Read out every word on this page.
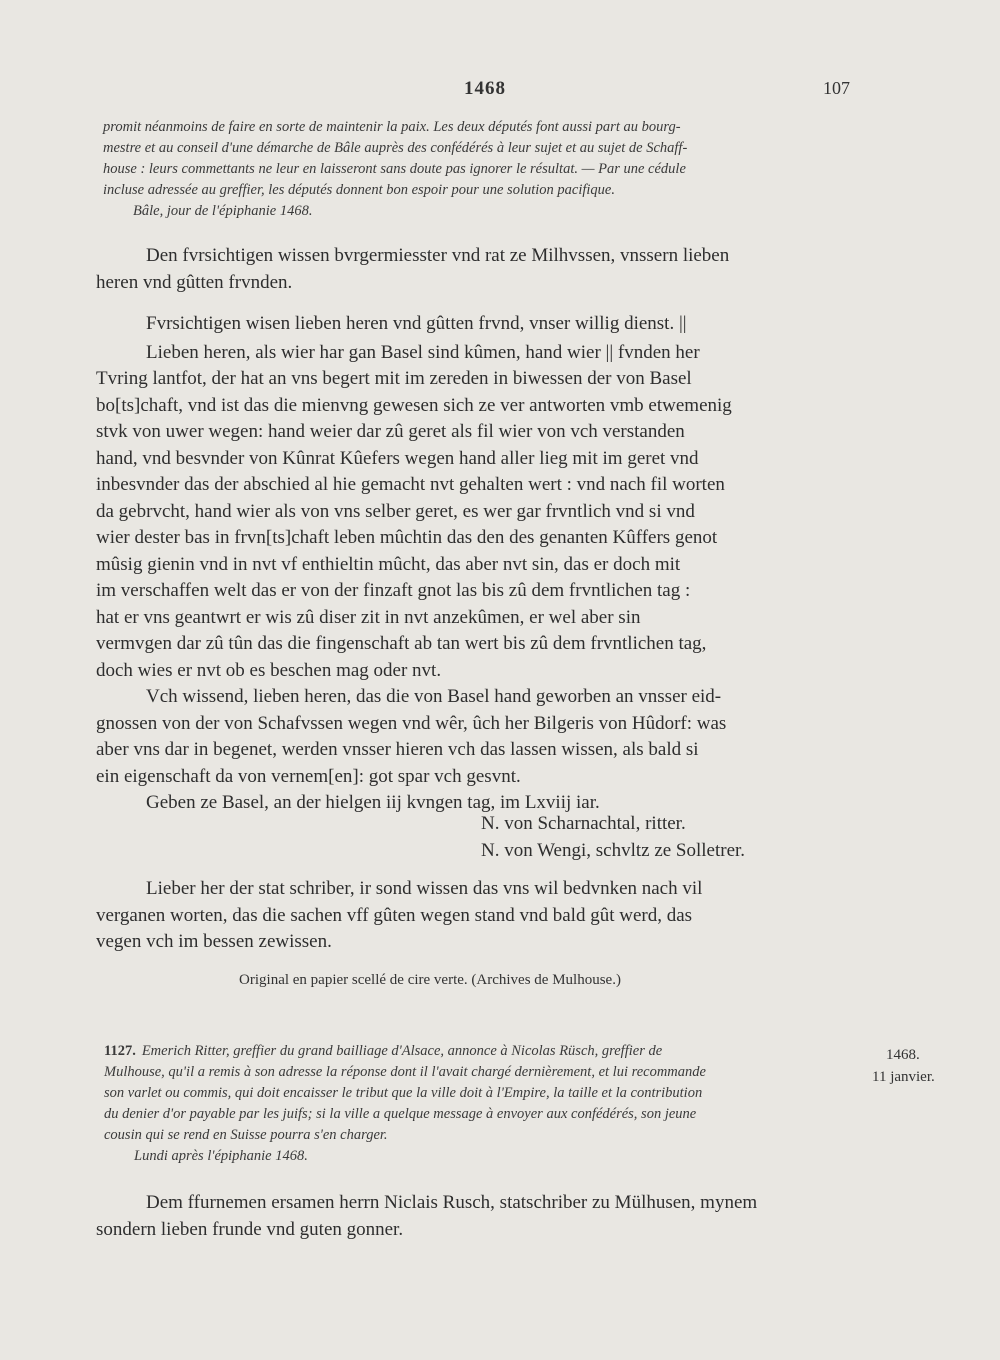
1468	107
promit néanmoins de faire en sorte de maintenir la paix. Les deux députés font aussi part au bourg-
mestre et au conseil d'une démarche de Bâle auprès des confédérés à leur sujet et au sujet de Schaff-
house : leurs commettants ne leur en laisseront sans doute pas ignorer le résultat. — Par une cédule
incluse adressée au greffier, les députés donnent bon espoir pour une solution pacifique.
Bâle, jour de l'épiphanie 1468.
Den fvrsichtigen wissen bvrgermiesster vnd rat ze Milhvssen, vnssern lieben
heren vnd gûtten frvnden.
Fvrsichtigen wisen lieben heren vnd gûtten frvnd, vnser willig dienst. ||
Lieben heren, als wier har gan Basel sind kûmen, hand wier || fvnden her
Tvring lantfot, der hat an vns begert mit im zereden in biwessen der von Basel
bo[ts]chaft, vnd ist das die mienvng gewesen sich ze ver antworten vmb etwemenig
stvk von uwer wegen: hand weier dar zû geret als fil wier von vch verstanden
hand, vnd besvnder von Kûnrat Kûefers wegen hand aller lieg mit im geret vnd
inbesvnder das der abschied al hie gemacht nvt gehalten wert : vnd nach fil worten
da gebrvcht, hand wier als von vns selber geret, es wer gar frvntlich vnd si vnd
wier dester bas in frvn[ts]chaft leben mûchtin das den des genanten Kûffers genot
mûsig gienin vnd in nvt vf enthieltin mûcht, das aber nvt sin, das er doch mit
im verschaffen welt das er von der finzaft gnot las bis zû dem frvntlichen tag :
hat er vns geantwrt er wis zû diser zit in nvt anzekûmen, er wel aber sin
vermvgen dar zû tûn das die fingenschaft ab tan wert bis zû dem frvntlichen tag,
doch wies er nvt ob es beschen mag oder nvt.
Vch wissend, lieben heren, das die von Basel hand geworben an vnsser eid-
gnossen von der von Schafvssen wegen vnd wêr, ûch her Bilgeris von Hûdorf: was
aber vns dar in begenet, werden vnsser hieren vch das lassen wissen, als bald si
ein eigenschaft da von vernem[en]: got spar vch gesvnt.
Geben ze Basel, an der hielgen iij kvngen tag, im Lxviij iar.
N. von Scharnachtal, ritter.
N. von Wengi, schvltz ze Solletrer.
Lieber her der stat schriber, ir sond wissen das vns wil bedvnken nach vil
verganen worten, das die sachen vff gûten wegen stand vnd bald gût werd, das
vegen vch im bessen zewissen.
Original en papier scellé de cire verte. (Archives de Mulhouse.)
1127. Emerich Ritter, greffier du grand bailliage d'Alsace, annonce à Nicolas Rüsch, greffier de
Mulhouse, qu'il a remis à son adresse la réponse dont il l'avait chargé dernièrement, et lui recommande
son varlet ou commis, qui doit encaisser le tribut que la ville doit à l'Empire, la taille et la contribution
du denier d'or payable par les juifs; si la ville a quelque message à envoyer aux confédérés, son jeune
cousin qui se rend en Suisse pourra s'en charger.
Lundi après l'épiphanie 1468.
1468.
11 janvier.
Dem ffurnemen ersamen herrn Niclais Rusch, statschriber zu Mülhusen, mynem
sondern lieben frunde vnd guten gonner.
